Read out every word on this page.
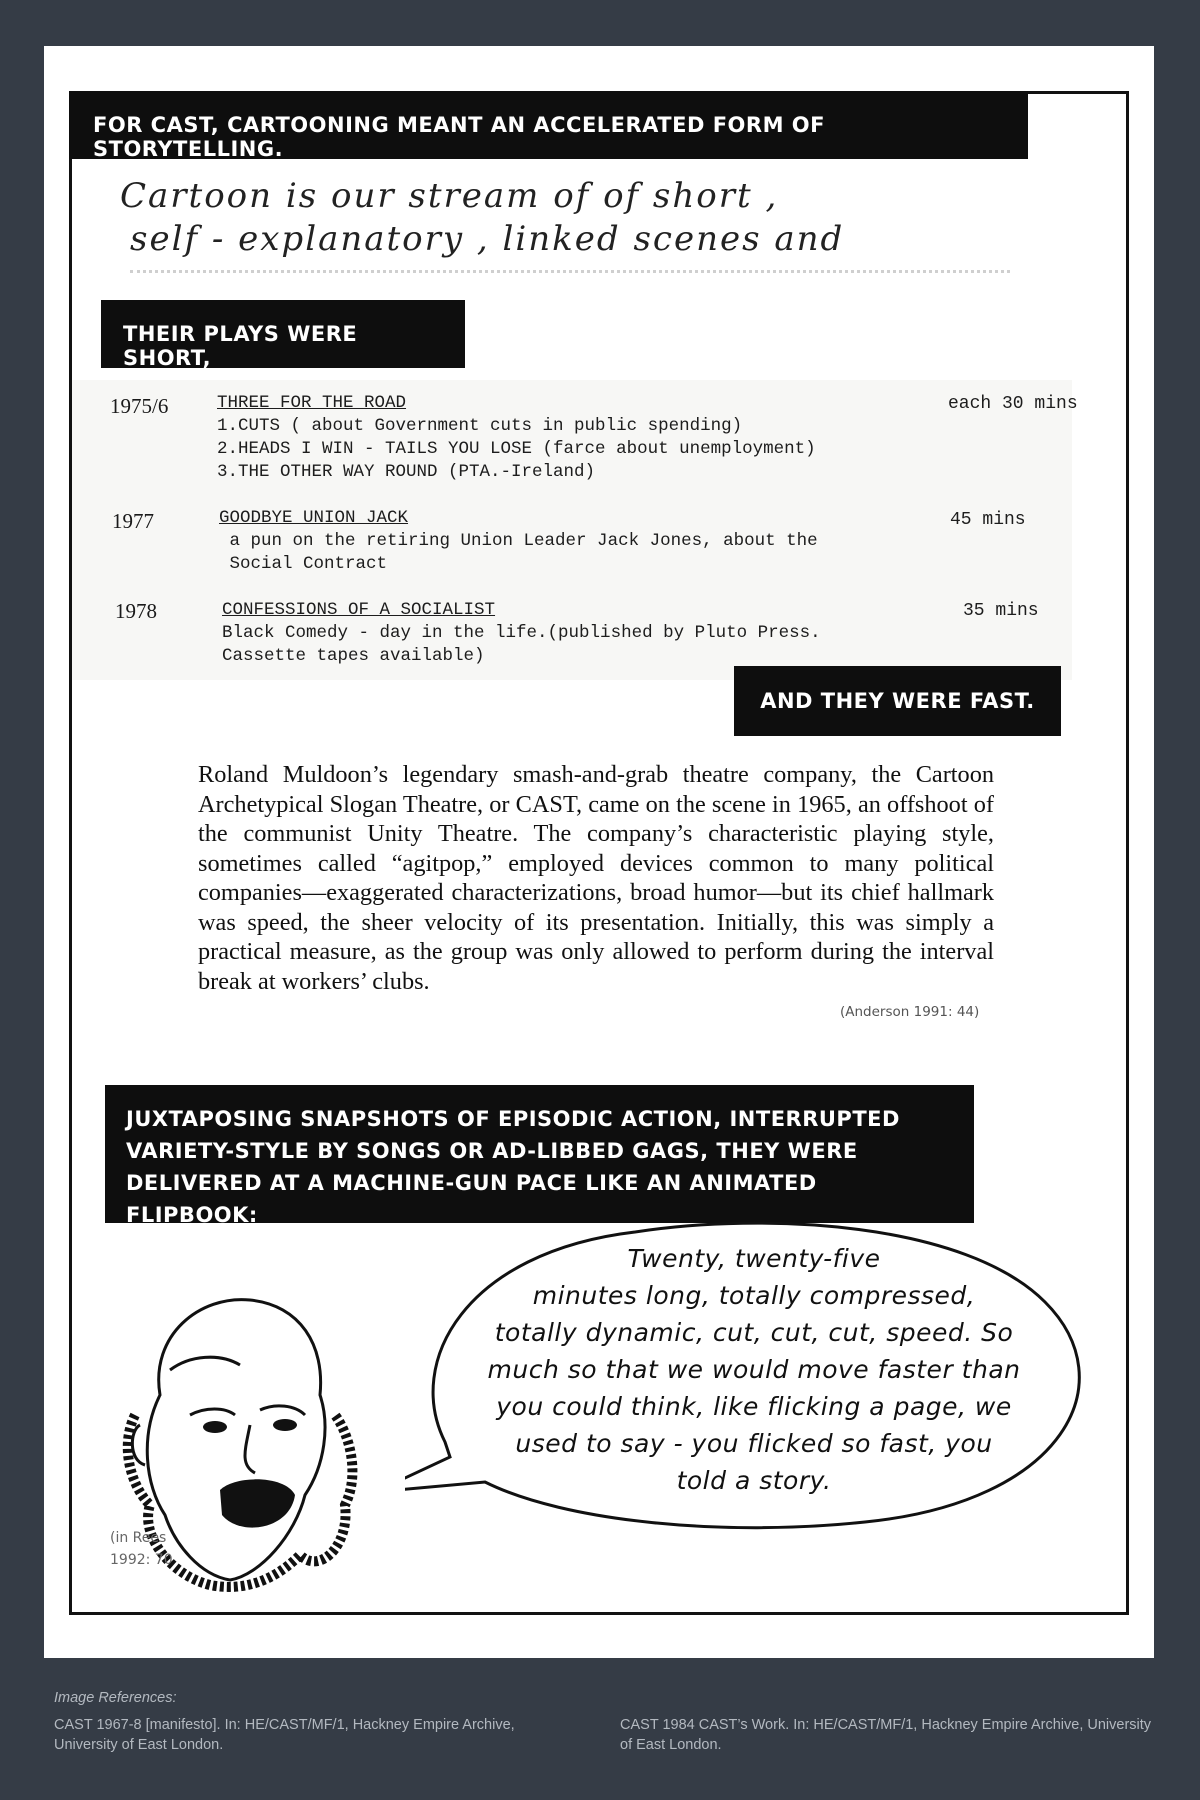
FOR CAST, CARTOONING MEANT AN ACCELERATED FORM OF STORYTELLING.
Cartoon is our stream of of short ,
self - explanatory , linked scenes and
THEIR PLAYS WERE SHORT,
1975/6	THREE FOR THE ROAD
1.CUTS ( about Government cuts in public spending)
2.HEADS I WIN - TAILS YOU LOSE (farce about unemployment)
3.THE OTHER WAY ROUND (PTA.-Ireland)
each 30 mins
1977	GOODBYE UNION JACK
a pun on the retiring Union Leader Jack Jones, about the
Social Contract
45 mins
1978	CONFESSIONS OF A SOCIALIST
Black Comedy - day in the life.(published by Pluto Press.
Cassette tapes available)
35 mins
AND THEY WERE FAST.
Roland Muldoon’s legendary smash-and-grab theatre company, the Cartoon Archetypical Slogan Theatre, or CAST, came on the scene in 1965, an offshoot of the communist Unity Theatre. The company’s characteristic playing style, sometimes called “agitpop,” employed devices common to many political companies—exaggerated characterizations, broad humor—but its chief hallmark was speed, the sheer velocity of its presentation. Initially, this was simply a practical measure, as the group was only allowed to perform during the interval break at workers’ clubs.
(Anderson 1991: 44)
JUXTAPOSING SNAPSHOTS OF EPISODIC ACTION, INTERRUPTED VARIETY-STYLE BY SONGS OR AD-LIBBED GAGS, THEY WERE DELIVERED AT A MACHINE-GUN PACE LIKE AN ANIMATED FLIPBOOK:
Twenty, twenty-five
minutes long, totally compressed,
totally dynamic, cut, cut, cut, speed. So
much so that we would move faster than
you could think, like flicking a page, we
used to say - you flicked so fast, you
told a story.
(in Rees
1992: 70
Image References:
CAST 1967-8 [manifesto]. In: HE/CAST/MF/1, Hackney Empire Archive, University of East London.
CAST 1984 CAST’s Work. In: HE/CAST/MF/1, Hackney Empire Archive, University of East London.
